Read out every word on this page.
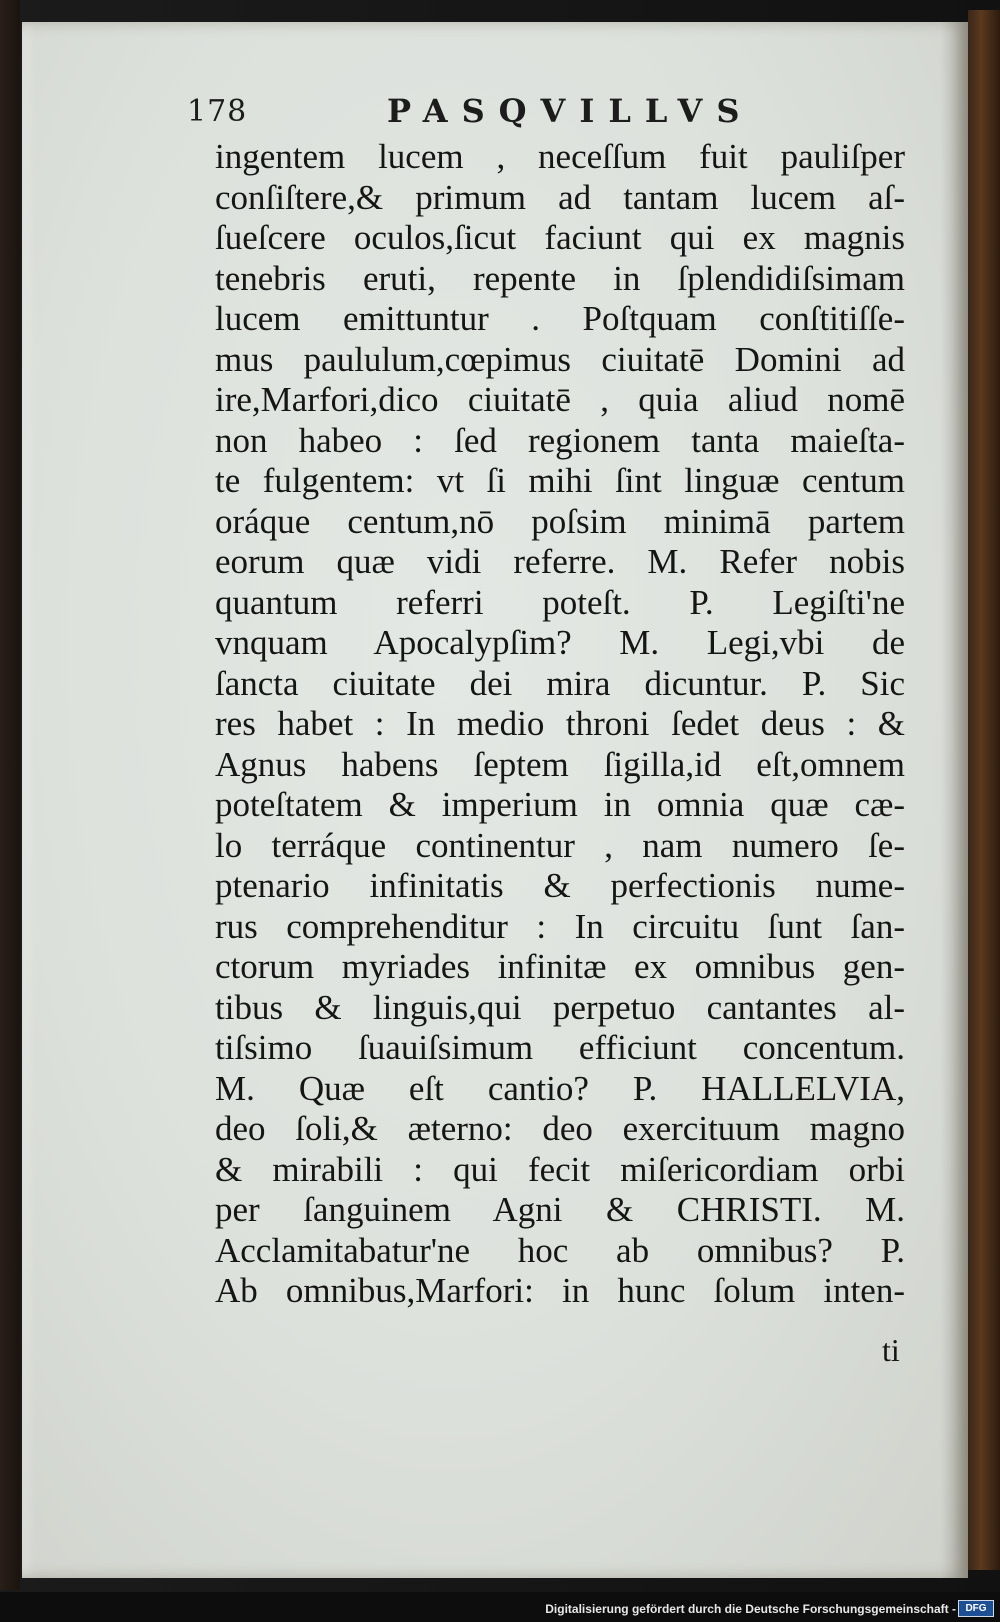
178	PASQVILLVS
ingentem lucem , neceſſum fuit pauliſper
conſiſtere,& primum ad tantam lucem aſ-
ſueſcere oculos,ſicut faciunt qui ex magnis
tenebris eruti, repente in ſplendidiſsimam
lucem emittuntur . Poſtquam conſtitiſſe-
mus paululum,cœpimus ciuitatē Domini ad
ire,Marfori,dico ciuitatē , quia aliud nomē
non habeo : ſed regionem tanta maieſta-
te fulgentem: vt ſi mihi ſint linguæ centum
oráque centum,nō poſsim minimā partem
eorum quæ vidi referre. M. Refer nobis
quantum referri poteſt. P. Legiſti'ne
vnquam Apocalypſim? M. Legi,vbi de
ſancta ciuitate dei mira dicuntur. P. Sic
res habet : In medio throni ſedet deus : &
Agnus habens ſeptem ſigilla,id eſt,omnem
poteſtatem & imperium in omnia quæ cæ-
lo terráque continentur , nam numero ſe-
ptenario infinitatis & perfectionis nume-
rus comprehenditur : In circuitu ſunt ſan-
ctorum myriades infinitæ ex omnibus gen-
tibus & linguis,qui perpetuo cantantes al-
tiſsimo ſuauiſsimum efficiunt concentum.
M. Quæ eſt cantio? P. HALLELVIA,
deo ſoli,& æterno: deo exercituum magno
& mirabili : qui fecit miſericordiam orbi
per ſanguinem Agni & CHRISTI. M.
Acclamitabatur'ne hoc ab omnibus? P.
Ab omnibus,Marfori: in hunc ſolum inten-
ti
Digitalisierung gefördert durch die Deutsche Forschungsgemeinschaft - DFG
